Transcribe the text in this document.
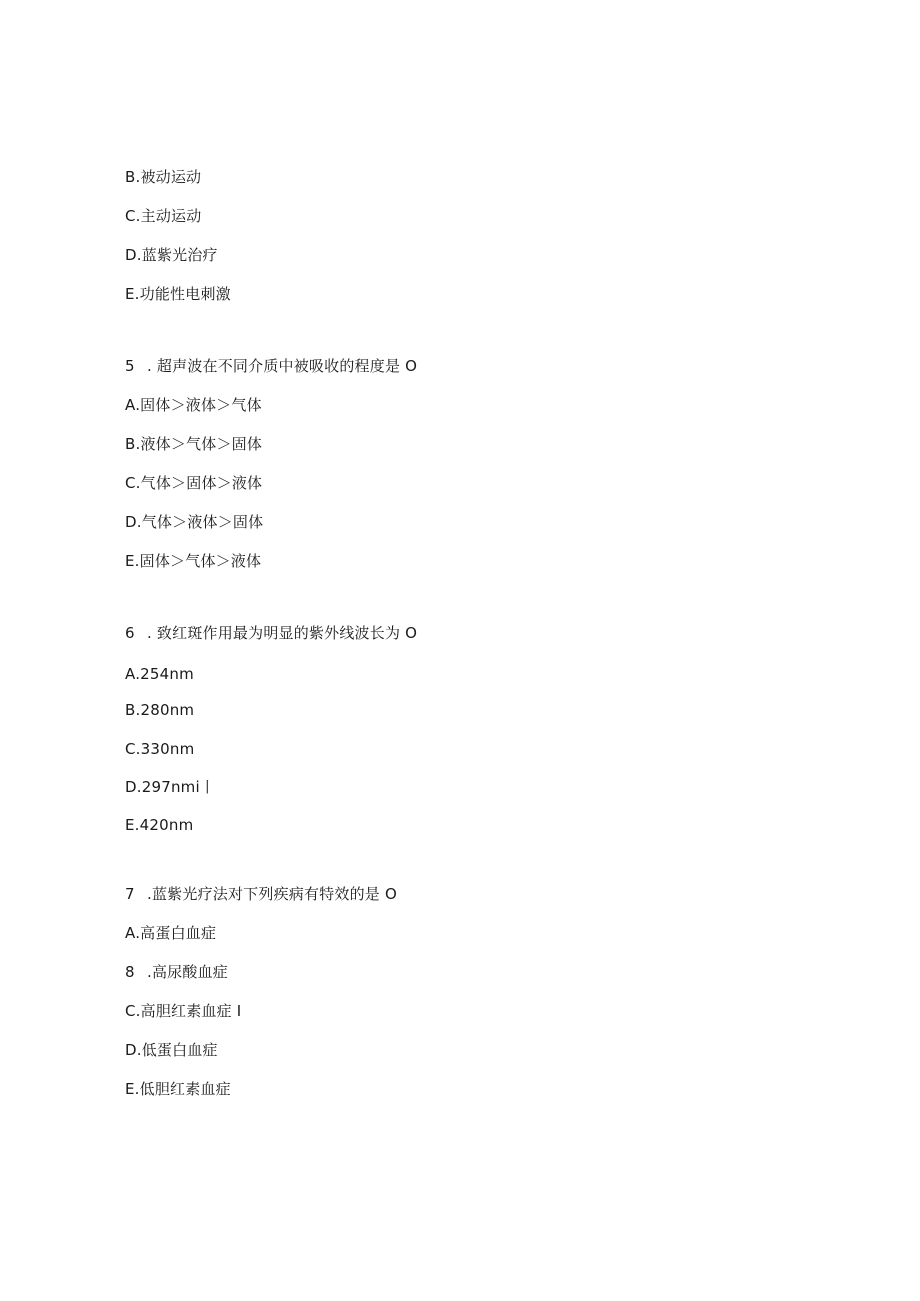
B.被动运动
C.主动运动
D.蓝紫光治疗
E.功能性电刺激
5 . 超声波在不同介质中被吸收的程度是 O
A.固体＞液体＞气体
B.液体＞气体＞固体
C.气体＞固体＞液体
D.气体＞液体＞固体
E.固体＞气体＞液体
6 . 致红斑作用最为明显的紫外线波长为 O
A.254nm
B.280nm
C.330nm
D.297nmi丨
E.420nm
7 .蓝紫光疗法对下列疾病有特效的是 O
A.高蛋白血症
8 .高尿酸血症
C.高胆红素血症 I
D.低蛋白血症
E.低胆红素血症
